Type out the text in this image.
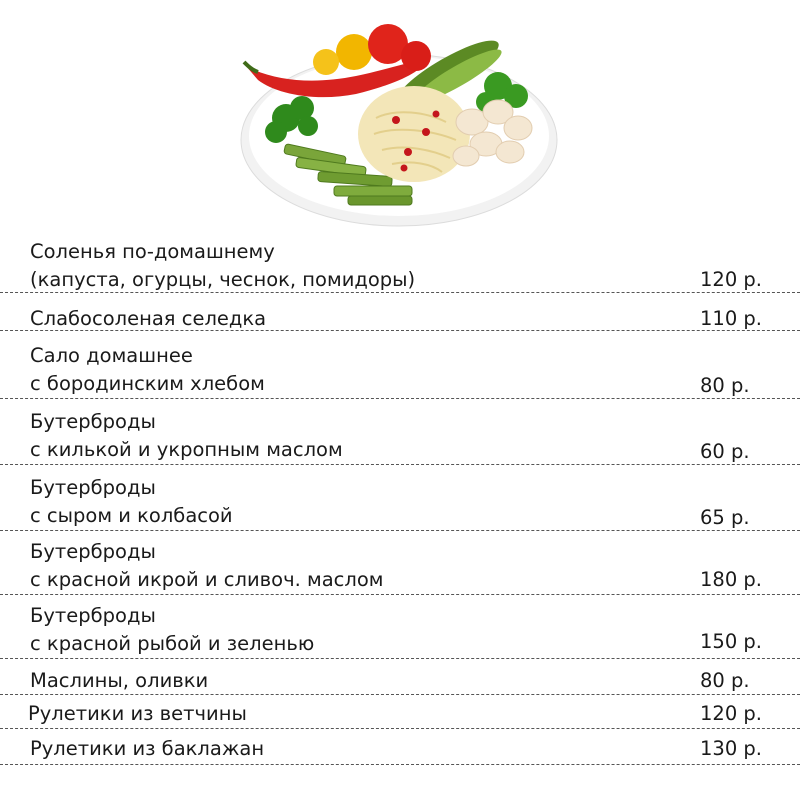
Соленья по-домашнему
(капуста, огурцы, чеснок, помидоры)	120 р.
Слабосоленая селедка	110 р.
Сало домашнее
с бородинским хлебом	80 р.
Бутерброды
с килькой и укропным маслом	60 р.
Бутерброды
с сыром и колбасой	65 р.
Бутерброды
с красной икрой и сливоч. маслом	180 р.
Бутерброды
с красной рыбой и зеленью	150 р.
Маслины, оливки	80 р.
Рулетики из ветчины	120 р.
Рулетики из баклажан	130 р.
